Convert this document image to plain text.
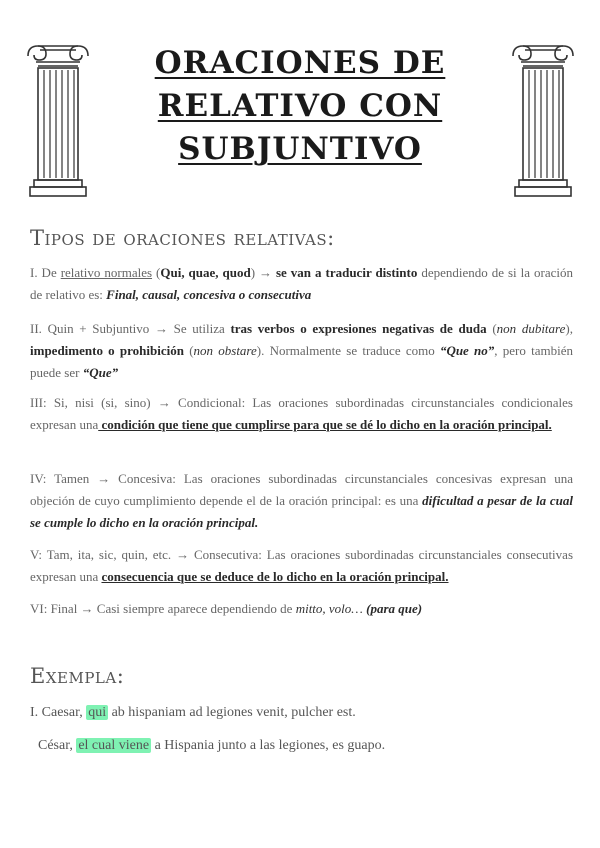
ORACIONES DE
RELATIVO CON
SUBJUNTIVO
Tipos de oraciones relativas:
I. De relativo normales (Qui, quae, quod) → se van a traducir distinto dependiendo de si la oración de relativo es: Final, causal, concesiva o consecutiva
II. Quin + Subjuntivo → Se utiliza tras verbos o expresiones negativas de duda (non dubitare), impedimento o prohibición (non obstare). Normalmente se traduce como “Que no”, pero también puede ser “Que”
III: Si, nisi (si, sino) → Condicional: Las oraciones subordinadas circunstanciales condicionales expresan una condición que tiene que cumplirse para que se dé lo dicho en la oración principal.
IV: Tamen → Concesiva: Las oraciones subordinadas circunstanciales concesivas expresan una objeción de cuyo cumplimiento depende el de la oración principal: es una dificultad a pesar de la cual se cumple lo dicho en la oración principal.
V: Tam, ita, sic, quin, etc. → Consecutiva: Las oraciones subordinadas circunstanciales consecutivas expresan una consecuencia que se deduce de lo dicho en la oración principal.
VI: Final → Casi siempre aparece dependiendo de mitto, volo… (para que)
Exempla:
I. Caesar, qui ab hispaniam ad legiones venit, pulcher est.
César, el cual viene a Hispania junto a las legiones, es guapo.
